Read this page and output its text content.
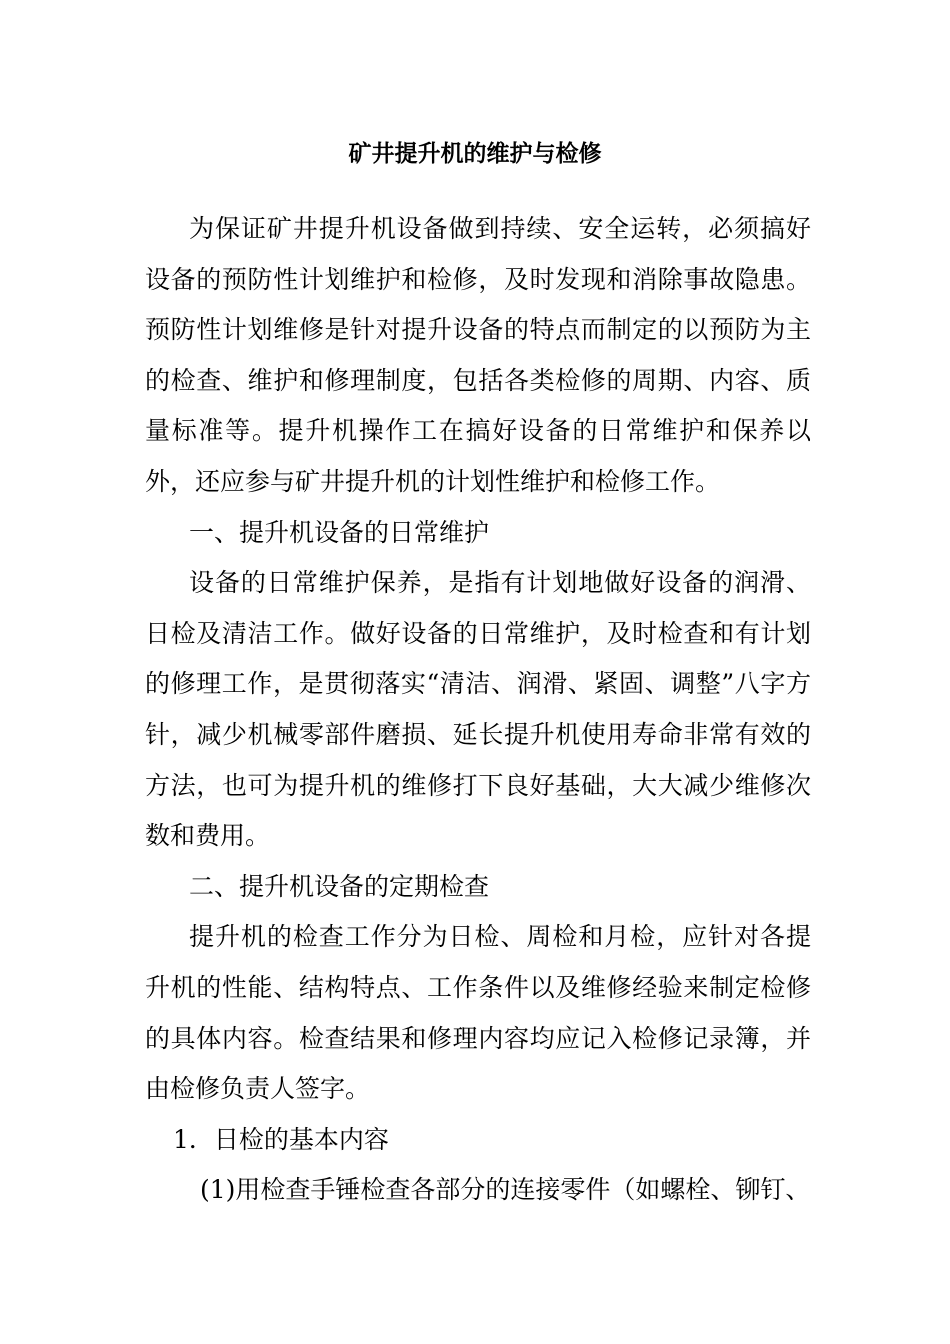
矿井提升机的维护与检修

为保证矿井提升机设备做到持续、安全运转，必须搞好设备的预防性计划维护和检修，及时发现和消除事故隐患。预防性计划维修是针对提升设备的特点而制定的以预防为主的检查、维护和修理制度，包括各类检修的周期、内容、质量标准等。提升机操作工在搞好设备的日常维护和保养以外，还应参与矿井提升机的计划性维护和检修工作。

一、提升机设备的日常维护

设备的日常维护保养，是指有计划地做好设备的润滑、日检及清洁工作。做好设备的日常维护，及时检查和有计划的修理工作，是贯彻落实“清洁、润滑、紧固、调整”八字方针，减少机械零部件磨损、延长提升机使用寿命非常有效的方法，也可为提升机的维修打下良好基础，大大减少维修次数和费用。

二、提升机设备的定期检查

提升机的检查工作分为日检、周检和月检，应针对各提升机的性能、结构特点、工作条件以及维修经验来制定检修的具体内容。检查结果和修理内容均应记入检修记录簿，并由检修负责人签字。

1．日检的基本内容

(1)用检查手锤检查各部分的连接零件（如螺栓、铆钉、
